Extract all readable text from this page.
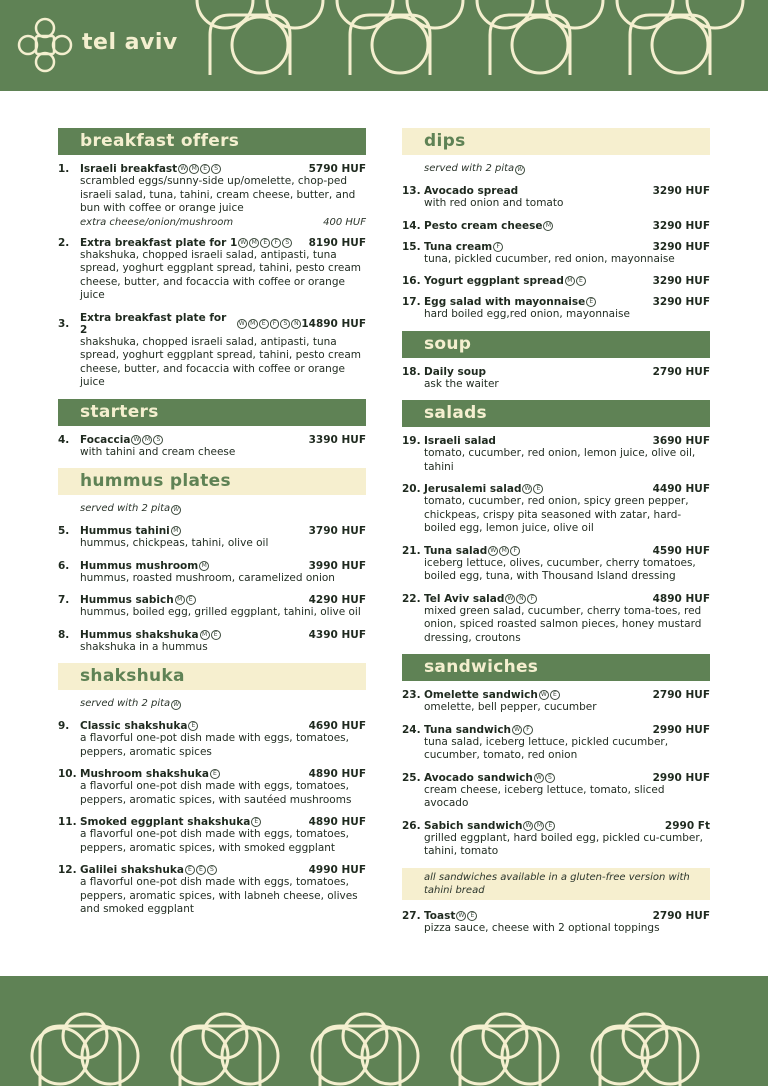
tel aviv
breakfast offers
1.	Israeli breakfast W M	E	S	5790 HUF
scrambled eggs/sunny-side up/omelette, chop-ped israeli salad, tuna, tahini, cream cheese, butter, and bun with coffee or orange juice
extra cheese/onion/mushroom	400 HUF
2.	Extra breakfast plate for 1 W M	E	F	S 8190 HUF
shakshuka, chopped israeli salad, antipasti, tuna spread, yoghurt eggplant spread, tahini, pesto cream cheese, butter, and focaccia with coffee or orange juice
3.	Extra breakfast plate for 2
W M	E	F	S	N 14890 HUF
shakshuka, chopped israeli salad, antipasti, tuna spread, yoghurt eggplant spread, tahini, pesto cream cheese, butter, and focaccia with coffee or orange juice
starters
4.	Focaccia W M	S	3390 HUF
with tahini and cream cheese
hummus plates
served with 2 pita W
5.	Hummus tahini M	3790 HUF
hummus, chickpeas, tahini, olive oil
6.	Hummus mushroom M	3990 HUF
hummus, roasted mushroom, caramelized onion
7.	Hummus sabich M	E	4290 HUF
hummus, boiled egg, grilled eggplant, tahini, olive oil
8.	Hummus shakshuka M	E	4390 HUF
shakshuka in a hummus
shakshuka
served with 2 pita W
9.	Classic shakshuka E	4690 HUF
a flavorful one-pot dish made with eggs, tomatoes, peppers, aromatic spices
10. Mushroom shakshuka E	4890 HUF
a flavorful one-pot dish made with eggs, tomatoes, peppers, aromatic spices, with sautéed mushrooms
11. Smoked eggplant shakshuka E	4890 HUF
a flavorful one-pot dish made with eggs, tomatoes, peppers, aromatic spices, with smoked eggplant
12. Galilei shakshuka E	E	S	4990 HUF
a flavorful one-pot dish made with eggs, tomatoes, peppers, aromatic spices, with labneh cheese, olives and smoked eggplant
dips
served with 2 pita W
13. Avocado spread	3290 HUF
with red onion and tomato
14. Pesto cream cheese M	3290 HUF
15. Tuna cream F	3290 HUF
tuna, pickled cucumber, red onion, mayonnaise
16. Yogurt eggplant spread M	E	3290 HUF
17. Egg salad with mayonnaise E	3290 HUF
hard boiled egg,red onion, mayonnaise
soup
18. Daily soup	2790 HUF
ask the waiter
salads
19. Israeli salad	3690 HUF
tomato, cucumber, red onion, lemon juice, olive oil, tahini
20. Jerusalemi salad W	E	4490 HUF
tomato, cucumber, red onion, spicy green pepper, chickpeas, crispy pita seasoned with zatar, hard-boiled egg, lemon juice, olive oil
21. Tuna salad W M	F	4590 HUF
iceberg lettuce, olives, cucumber, cherry tomatoes, boiled egg, tuna, with Thousand Island dressing
22. Tel Aviv salad W N	F	4890 HUF
mixed green salad, cucumber, cherry toma-toes, red onion, spiced roasted salmon pieces, honey mustard dressing, croutons
sandwiches
23. Omelette sandwich W	E	2790 HUF
omelette, bell pepper, cucumber
24. Tuna sandwich W	F	2990 HUF
tuna salad, iceberg lettuce, pickled cucumber, cucumber, tomato, red onion
25. Avocado sandwich W	S	2990 HUF
cream cheese, iceberg lettuce, tomato, sliced avocado
26. Sabich sandwich W M	E	2990 Ft
grilled eggplant, hard boiled egg, pickled cu-cumber, tahini, tomato
all sandwiches available in a gluten-free version with tahini bread
27. Toast W	E	2790 HUF
pizza sauce, cheese with 2 optional toppings
